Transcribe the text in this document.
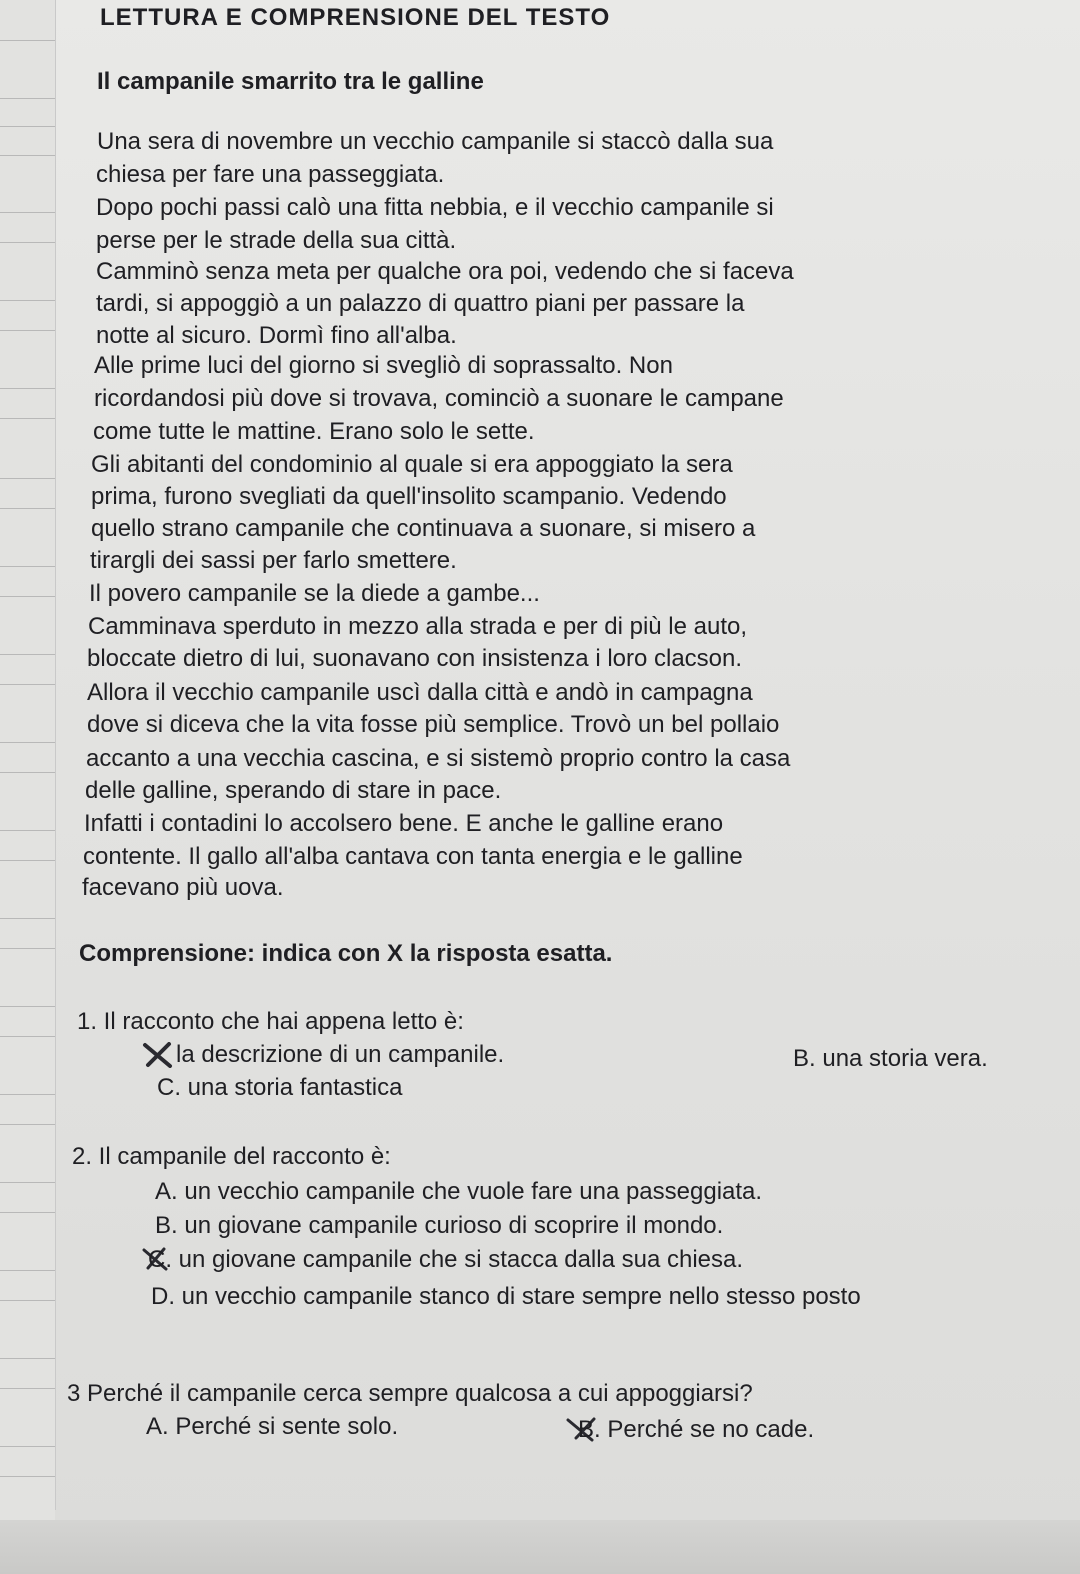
LETTURA E COMPRENSIONE DEL TESTO
Il campanile smarrito tra le galline
Una sera di novembre un vecchio campanile si staccò dalla sua
chiesa per fare una passeggiata.
Dopo pochi passi calò una fitta nebbia, e il vecchio campanile si
perse per le strade della sua città.
Camminò senza meta per qualche ora poi, vedendo che si faceva
tardi, si appoggiò a un palazzo di quattro piani per passare la
notte al sicuro. Dormì fino all'alba.
Alle prime luci del giorno si svegliò di soprassalto. Non
ricordandosi più dove si trovava, cominciò a suonare le campane
come tutte le mattine. Erano solo le sette.
Gli abitanti del condominio al quale si era appoggiato la sera
prima, furono svegliati da quell'insolito scampanio. Vedendo
quello strano campanile che continuava a suonare, si misero a
tirargli dei sassi per farlo smettere.
Il povero campanile se la diede a gambe...
Camminava sperduto in mezzo alla strada e per di più le auto,
bloccate dietro di lui, suonavano con insistenza i loro clacson.
Allora il vecchio campanile uscì dalla città e andò in campagna
dove si diceva che la vita fosse più semplice. Trovò un bel pollaio
accanto a una vecchia cascina, e si sistemò proprio contro la casa
delle galline, sperando di stare in pace.
Infatti i contadini lo accolsero bene. E anche le galline erano
contente. Il gallo all'alba cantava con tanta energia e le galline
facevano più uova.
Comprensione: indica con X la risposta esatta.
1. Il racconto che hai appena letto è:
la descrizione di un campanile.	B. una storia vera.
C. una storia fantastica
2. Il campanile del racconto è:
A. un vecchio campanile che vuole fare una passeggiata.
B. un giovane campanile curioso di scoprire il mondo.
C. un giovane campanile che si stacca dalla sua chiesa.
D. un vecchio campanile stanco di stare sempre nello stesso posto
3 Perché il campanile cerca sempre qualcosa a cui appoggiarsi?
A. Perché si sente solo.	B. Perché se no cade.
